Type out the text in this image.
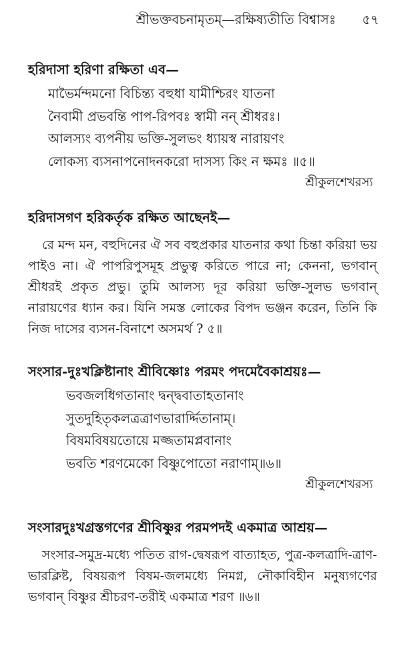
শ্রীভক্তবচনামৃতম্‌—রক্ষিষ্যতীতি বিশ্বাসঃ ৫৭
হরিদাসা হরিণা রক্ষিতা এব—
মাভৈর্মন্দমনো বিচিন্ত্য বহুধা যামীশ্চিরং যাতনা
নৈবামী প্রভবন্তি পাপ-রিপবঃ স্বামী নন্‌ শ্রীধরঃ।
আলস্যং ব্যপনীয় ভক্তি-সুলভং ধ্যায়স্ব নারায়ণং
লোকস্য ব্যসনাপনোদনকরো দাসস্য কিং ন ক্ষমঃ ॥৫॥
শ্রীকুলশেখরস্য
হরিদাসগণ হরিকর্তৃক রক্ষিত আছেনই—
রে মন্দ মন, বহুদিনের ঐ সব বহুপ্রকার যাতনার কথা চিন্তা করিয়া ভয় পাইও না। ঐ পাপরিপুসমূহ প্রভুত্ব করিতে পারে না; কেননা, ভগবান্‌ শ্রীধরই প্রকৃত প্রভু। তুমি আলস্য দূর করিয়া ভক্তি-সুলভ ভগবান্‌ নারায়ণের ধ্যান কর। যিনি সমস্ত লোকের বিপদ ভঞ্জন করেন, তিনি কি নিজ দাসের ব্যসন-বিনাশে অসমর্থ ? ৫॥
সংসার-দুঃখক্লিষ্টানাং শ্রীবিষ্ণোঃ পরমং পদমেবৈকাশ্রয়ঃ—
ভবজলধিগতানাং দ্বন্দ্ববাতাহতানাং
সুতদুহিতৃকলত্রত্রাণভারার্দ্দিতানাম্‌।
বিষমবিষয়তোয়ে মজ্জতামপ্লবানাং
ভবতি শরণমেকো বিষ্ণুপোতো নরাণাম্‌॥৬॥
শ্রীকুলশেখরস্য
সংসারদুঃখগ্রস্তগণের শ্রীবিষ্ণুর পরমপদই একমাত্র আশ্রয়—
সংসার-সমুদ্র-মধ্যে পতিত রাগ-দ্বেষরূপ বাত্যাহত, পুত্র-কলত্রাদি-ত্রাণ-ভারক্লিষ্ট, বিষয়রূপ বিষম-জলমধ্যে নিমগ্ন, নৌকাবিহীন মনুষ্যগণের ভগবান্‌ বিষ্ণুর শ্রীচরণ-তরীই একমাত্র শরণ ॥৬॥
